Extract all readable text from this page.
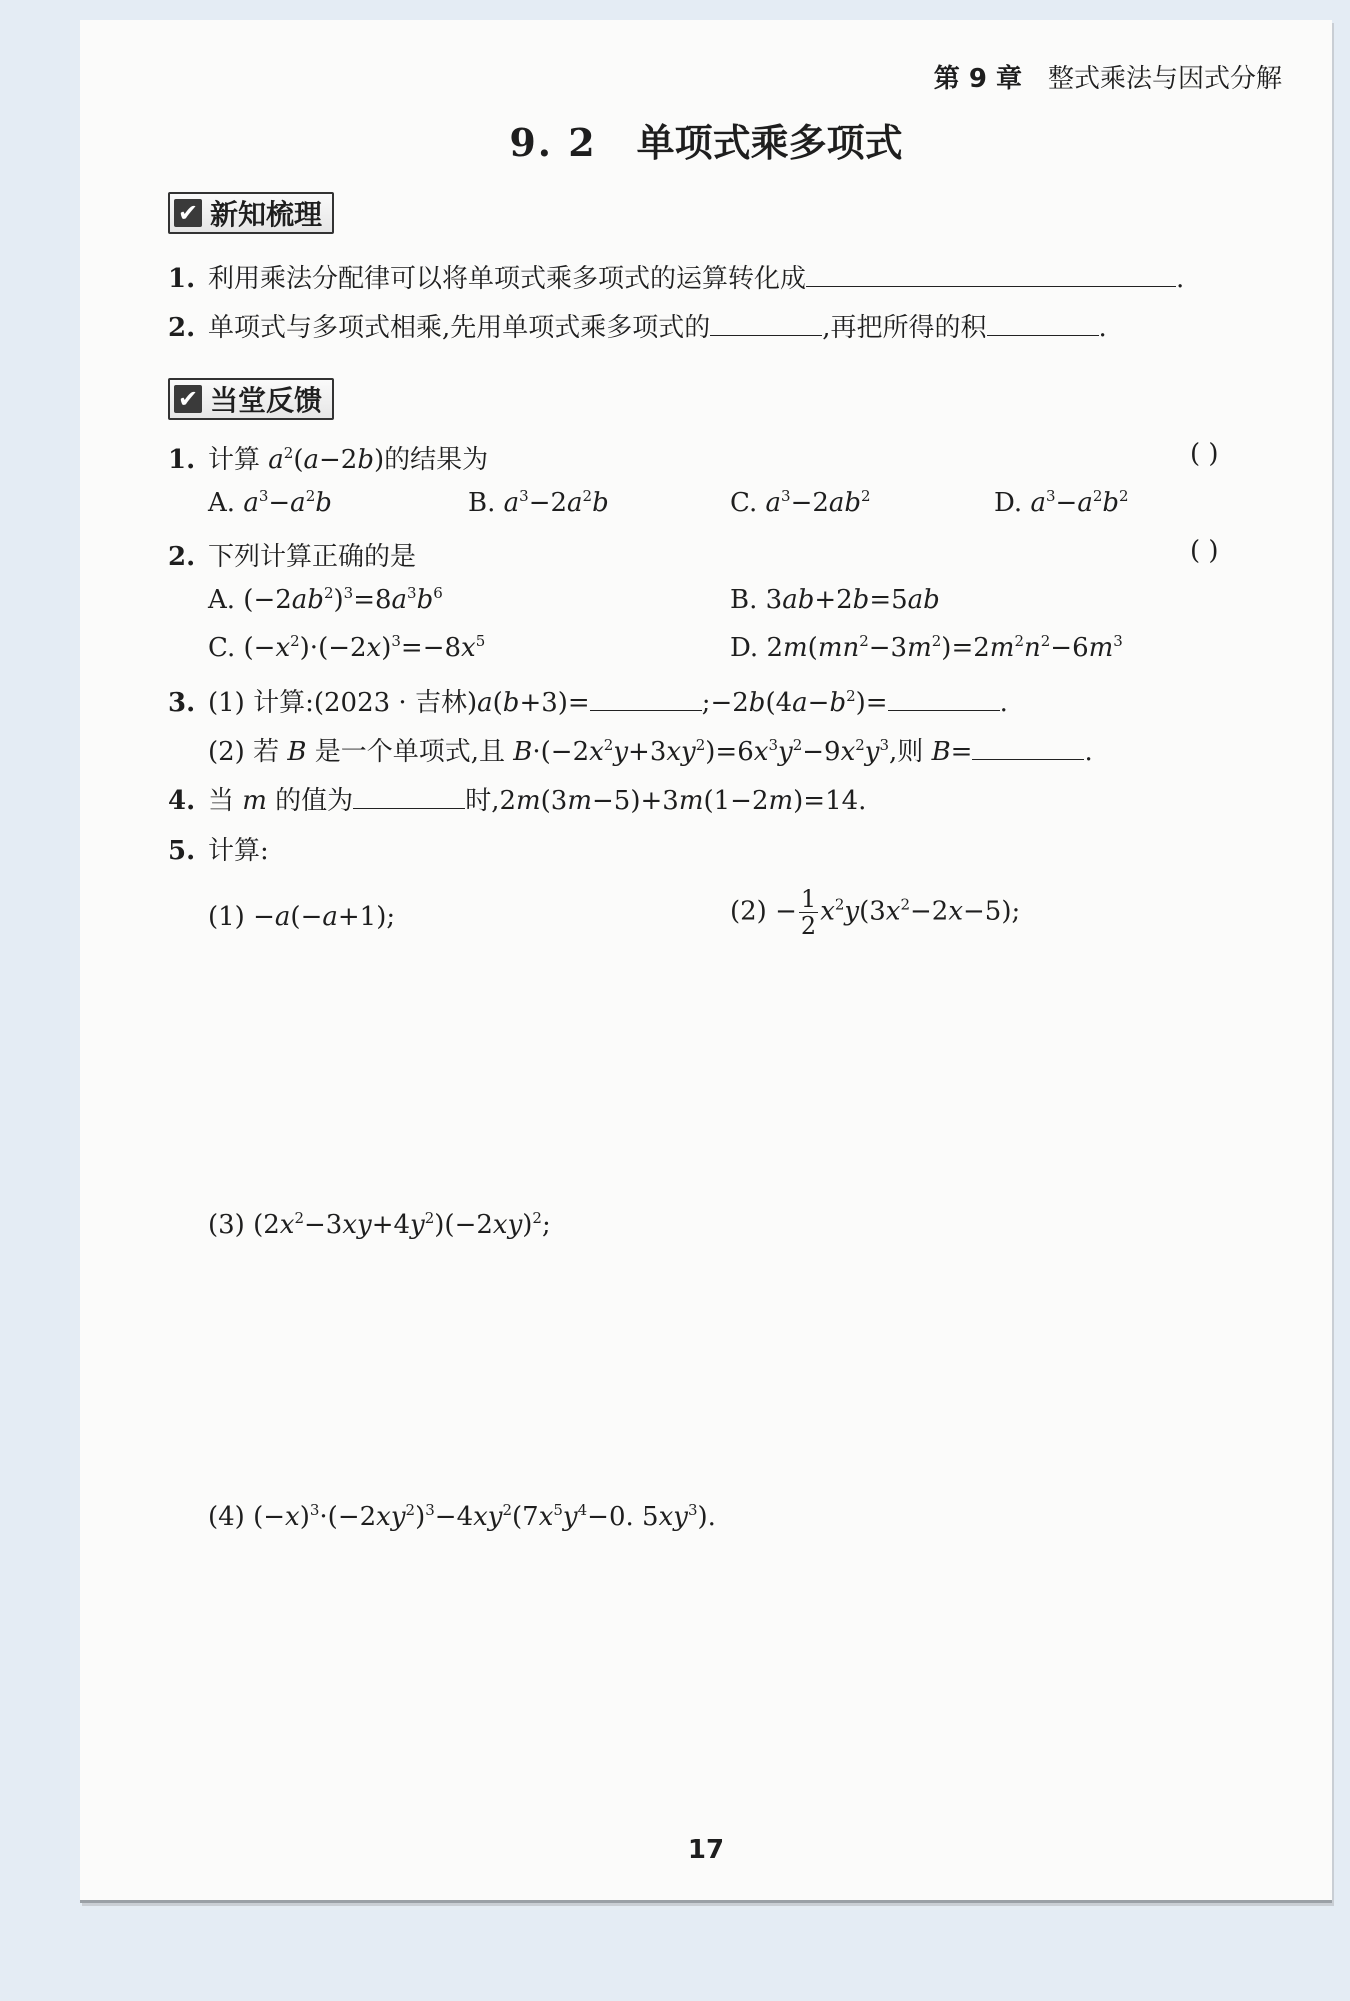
第 9 章 整式乘法与因式分解
9. 2 单项式乘多项式
✔ 新知梳理
1. 利用乘法分配律可以将单项式乘多项式的运算转化成	.
2. 单项式与多项式相乘,先用单项式乘多项式的	,再把所得的积	.
✔ 当堂反馈
1. 计算 $a^2(a-2b)$的结果为	( )
A. $a^3-a^2b$	B. $a^3-2a^2b$	C. $a^3-2ab^2$	D. $a^3-a^2b^2$
2. 下列计算正确的是	( )
A. $(-2ab^2)^3=8a^3b^6$	B. 3ab+2b=5ab
C. $(-x^2)\cdot(-2x)^3=-8x^5$	D. $2m(mn^2-3m^2)=2m^2n^2-6m^3$
3. (1) 计算:(2023 · 吉林)a(b+3)=	$;-2b(4a-b^2)=$	.
(2) 若 B 是一个单项式,且 $B\cdot(-2x^2y+3xy^2)=6x^3y^2-9x^2y^3$,则 B=	.
4. 当 m 的值为	时,2m(3m−5)+3m(1−2m)=14.
5. 计算:
(1) −a(−a+1);	$(2) - \frac{1}{2} x^2y(3x^2-2x-5)$;
(3) $(2x^2-3xy+4y^2)(-2xy)^2$;
(4) $(-x)^3\cdot(-2xy^2)^3-4xy^2(7x^5y^4-0$. $5xy^3$).
17
